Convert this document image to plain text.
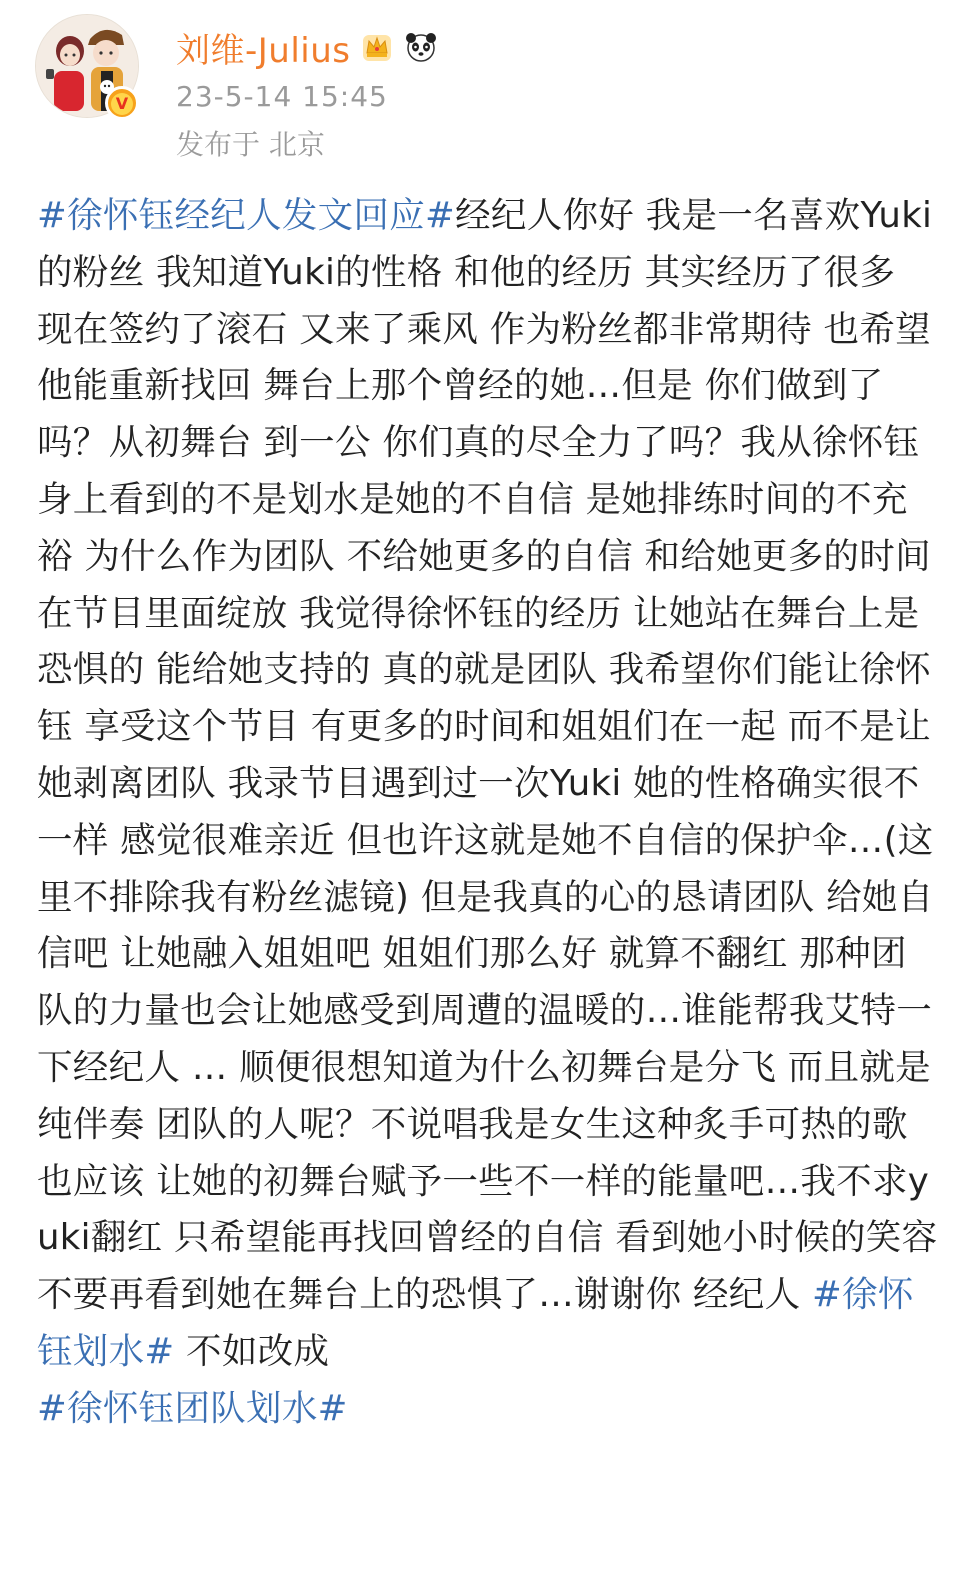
V
刘维-Julius
23-5-14 15:45
发布于 北京
#徐怀钰经纪人发文回应#经纪人你好 我是一名喜欢Yuki的粉丝 我知道Yuki的性格 和他的经历 其实经历了很多 现在签约了滚石 又来了乘风 作为粉丝都非常期待 也希望他能重新找回 舞台上那个曾经的她…但是 你们做到了吗？从初舞台 到一公 你们真的尽全力了吗？我从徐怀钰身上看到的不是划水是她的不自信 是她排练时间的不充裕 为什么作为团队 不给她更多的自信 和给她更多的时间在节目里面绽放 我觉得徐怀钰的经历 让她站在舞台上是恐惧的 能给她支持的 真的就是团队 我希望你们能让徐怀钰 享受这个节目 有更多的时间和姐姐们在一起 而不是让她剥离团队 我录节目遇到过一次Yuki 她的性格确实很不一样 感觉很难亲近 但也许这就是她不自信的保护伞…(这里不排除我有粉丝滤镜) 但是我真的心的恳请团队 给她自信吧 让她融入姐姐吧 姐姐们那么好 就算不翻红 那种团队的力量也会让她感受到周遭的温暖的…谁能帮我艾特一下经纪人 … 顺便很想知道为什么初舞台是分飞 而且就是纯伴奏 团队的人呢？不说唱我是女生这种炙手可热的歌 也应该 让她的初舞台赋予一些不一样的能量吧…我不求yuki翻红 只希望能再找回曾经的自信 看到她小时候的笑容 不要再看到她在舞台上的恐惧了…谢谢你 经纪人 #徐怀钰划水# 不如改成
#徐怀钰团队划水#
